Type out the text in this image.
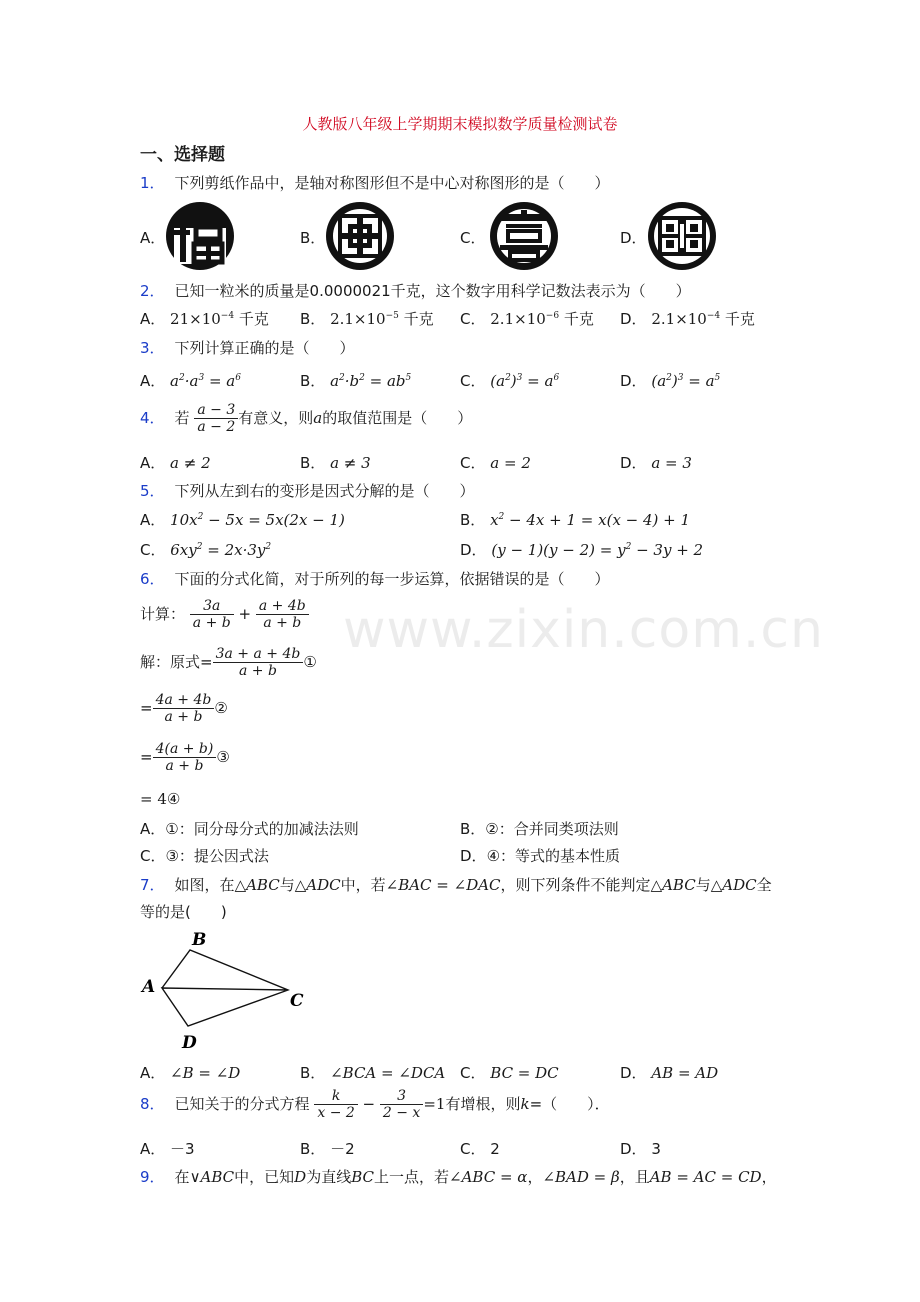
www.zixin.com.cn
人教版八年级上学期期末模拟数学质量检测试卷
一、选择题
1． 下列剪纸作品中，是轴对称图形但不是中心对称图形的是（　　）
A．	B．	C．	D．
2． 已知一粒米的质量是0.0000021千克，这个数字用科学记数法表示为（　　）
A． $21\times 10^{-4}$ 千克 B． $2.1\times 10^{-5}$ 千克 C． $2.1\times 10^{-6}$ 千克 D． $2.1\times 10^{-4}$ 千克
3． 下列计算正确的是（　　）
A． $a^2\cdot a^3 = a^6$	B． $a^2\cdot b^2 = ab^5$	C． $(a^2)^3 = a^6$	D． $(a^2)^3 = a^5$
4． 若 $\frac{a - 3}{a - 2}$ 有意义，则a的取值范围是（　　）
A． a ≠ 2	B． a ≠ 3	C． a = 2	D． a = 3
5． 下列从左到右的变形是因式分解的是（　　）
A． $10x^2 - 5x = 5x(2x - 1)$	B． $x^2 - 4x + 1 = x(x - 4) + 1$
C． $6xy^2 = 2x\cdot 3y^2$	D． $(y - 1)(y - 2) = y^2 - 3y + 2$
6． 下面的分式化简，对于所列的每一步运算，依据错误的是（　　）
计算： $\frac{3a}{a + b} + \frac{a + 4b}{a + b}$
解：原式= $\frac{3a + a + 4b}{a + b}$ ①
= $\frac{4a + 4b}{a + b}$ ②
= $\frac{4(a + b)}{a + b}$ ③
= 4④
A．①：同分母分式的加减法法则	B．②：合并同类项法则
C．③：提公因式法	D．④：等式的基本性质
7． 如图，在△ABC与△ADC中，若∠BAC = ∠DAC，则下列条件不能判定△ABC与△ADC全
等的是(　　)
B
A
C
D
A． ∠B = ∠D	B． ∠BCA = ∠DCA C． BC = DC	D． AB = AD
8． 已知关于的分式方程 $\frac{k}{x - 2} - \frac{3}{2 - x} =1$有增根，则k=（　　）．
A． －3	B． －2	C． 2	D． 3
9． 在∨ABC中，已知D为直线BC上一点，若∠ABC = α，∠BAD = β，且AB = AC = CD，
